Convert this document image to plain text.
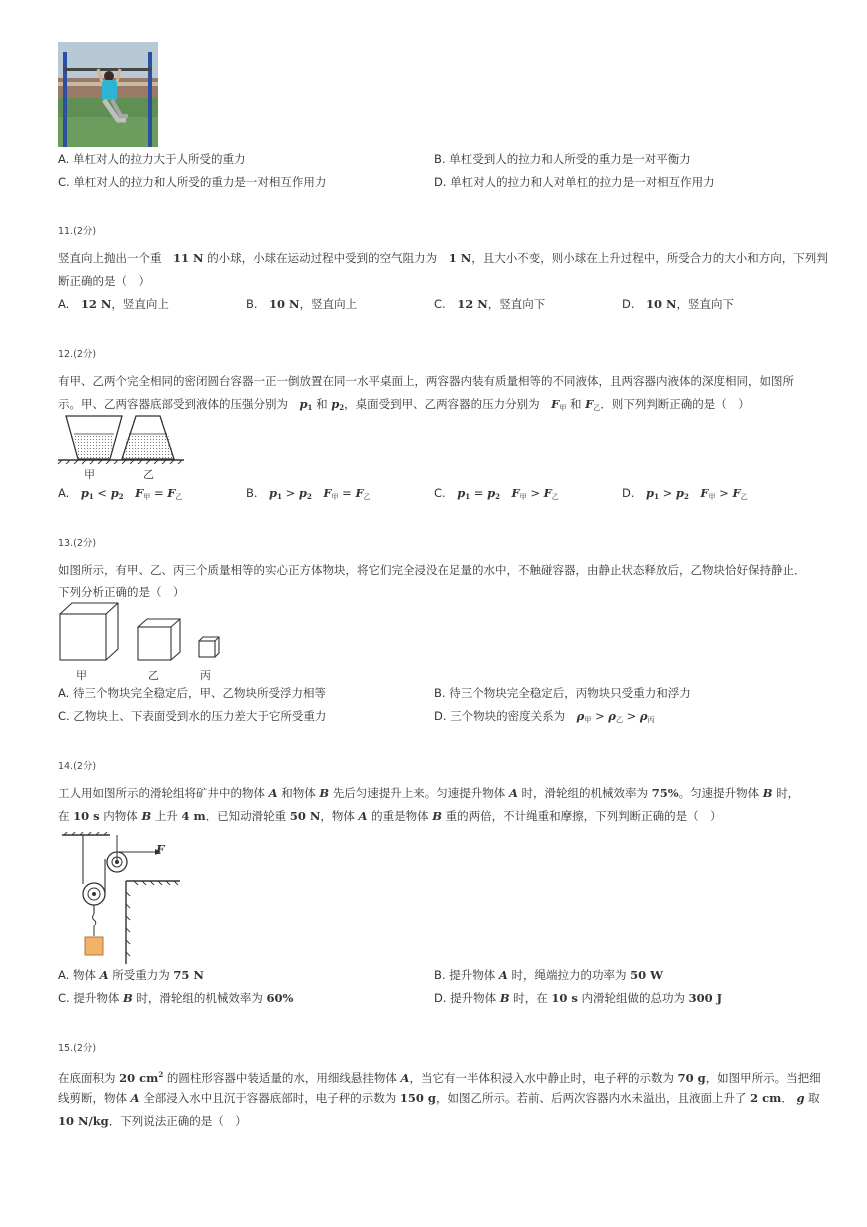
A. 单杠对人的拉力大于人所受的重力	B. 单杠受到人的拉力和人所受的重力是一对平衡力
C. 单杠对人的拉力和人所受的重力是一对相互作用力	D. 单杠对人的拉力和人对单杠的拉力是一对相互作用力
11.(2分)
竖直向上抛出一个重　 11 N 的小球，小球在运动过程中受到的空气阻力为　 1 N，且大小不变，则小球在上升过程中，所受合力的大小和方向，下列判
断正确的是（　）
A.　 12 N，竖直向上	B.　 10 N，竖直向上	C.　 12 N，竖直向下	D.　 10 N，竖直向下
12.(2分)
有甲、乙两个完全相同的密闭圆台容器一正一倒放置在同一水平桌面上，两容器内装有质量相等的不同液体，且两容器内液体的深度相同，如图所
示。甲、乙两容器底部受到液体的压强分别为　 $p_1$ 和 $p_2$，桌面受到甲、乙两容器的压力分别为　 $F_甲$ 和 $F_乙$．则下列判断正确的是（　）
甲	乙
A.　 $p_1 < p_2$　 $F_甲 = F_乙$	B.　 $p_1 > p_2$　 $F_甲 = F_乙$	C.　 $p_1 = p_2$　 $F_甲 > F_乙$	D.　 $p_1 > p_2$　 $F_甲 > F_乙$
13.(2分)
如图所示，有甲、乙、丙三个质量相等的实心正方体物块，将它们完全浸没在足量的水中，不触碰容器，由静止状态释放后，乙物块恰好保持静止．
下列分析正确的是（　）
甲	乙	丙
A. 待三个物块完全稳定后，甲、乙物块所受浮力相等	B. 待三个物块完全稳定后，丙物块只受重力和浮力
C. 乙物块上、下表面受到水的压力差大于它所受重力	D. 三个物块的密度关系为　 $\rho_甲 > \rho_乙 > \rho_丙$
14.(2分)
工人用如图所示的滑轮组将矿井中的物体 A 和物体 B 先后匀速提升上来。匀速提升物体 A 时，滑轮组的机械效率为 75%。匀速提升物体 B 时，
在 10 s 内物体 B 上升 4 m．已知动滑轮重 50 N，物体 A 的重是物体 B 重的两倍，不计绳重和摩擦，下列判断正确的是（　）
F
A. 物体 A 所受重力为 75 N	B. 提升物体 A 时，绳端拉力的功率为 50 W
C. 提升物体 B 时，滑轮组的机械效率为 60%	D. 提升物体 B 时，在 10 s 内滑轮组做的总功为 300 J
15.(2分)
在底面积为 20 $cm^2$ 的圆柱形容器中装适量的水，用细线悬挂物体 A，当它有一半体积浸入水中静止时，电子秤的示数为 70 g，如图甲所示。当把细
线剪断，物体 A 全部浸入水中且沉于容器底部时，电子秤的示数为 150 g，如图乙所示。若前、后两次容器内水未溢出，且液面上升了 2 cm． g 取
10 N/kg．下列说法正确的是（　）
